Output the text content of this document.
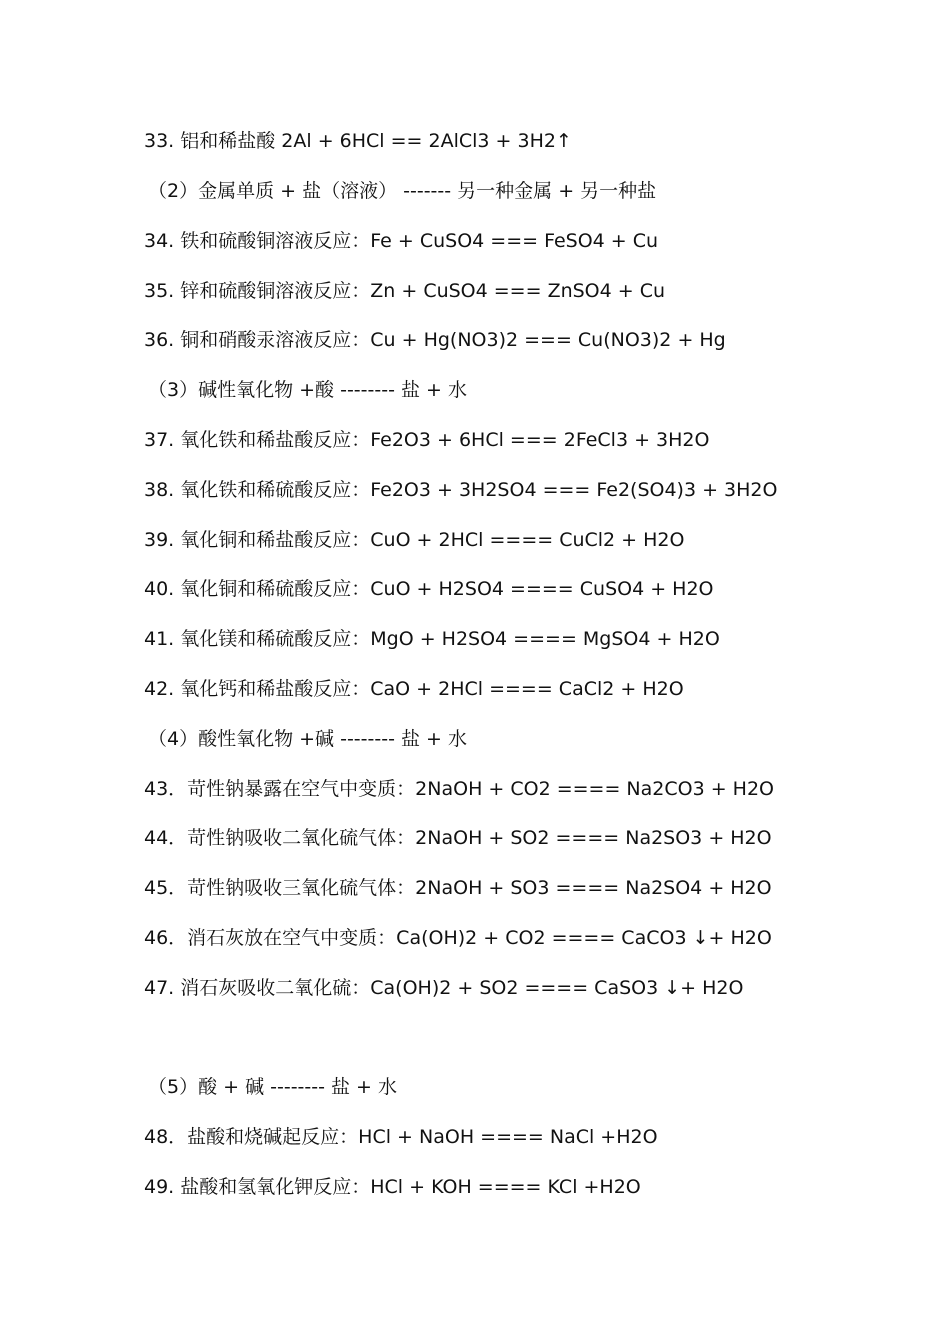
33. 铝和稀盐酸 2Al + 6HCl == 2AlCl3 + 3H2↑
（2）金属单质 + 盐（溶液） ------- 另一种金属 + 另一种盐
34. 铁和硫酸铜溶液反应：Fe + CuSO4 === FeSO4 + Cu
35. 锌和硫酸铜溶液反应：Zn + CuSO4 === ZnSO4 + Cu
36. 铜和硝酸汞溶液反应：Cu + Hg(NO3)2 === Cu(NO3)2 + Hg
（3）碱性氧化物 +酸 -------- 盐 + 水
37. 氧化铁和稀盐酸反应：Fe2O3 + 6HCl === 2FeCl3 + 3H2O
38. 氧化铁和稀硫酸反应：Fe2O3 + 3H2SO4 === Fe2(SO4)3 + 3H2O
39. 氧化铜和稀盐酸反应：CuO + 2HCl ==== CuCl2 + H2O
40. 氧化铜和稀硫酸反应：CuO + H2SO4 ==== CuSO4 + H2O
41. 氧化镁和稀硫酸反应：MgO + H2SO4 ==== MgSO4 + H2O
42. 氧化钙和稀盐酸反应：CaO + 2HCl ==== CaCl2 + H2O
（4）酸性氧化物 +碱 -------- 盐 + 水
43．苛性钠暴露在空气中变质：2NaOH + CO2 ==== Na2CO3 + H2O
44．苛性钠吸收二氧化硫气体：2NaOH + SO2 ==== Na2SO3 + H2O
45．苛性钠吸收三氧化硫气体：2NaOH + SO3 ==== Na2SO4 + H2O
46．消石灰放在空气中变质：Ca(OH)2 + CO2 ==== CaCO3 ↓+ H2O
47. 消石灰吸收二氧化硫：Ca(OH)2 + SO2 ==== CaSO3 ↓+ H2O
（5）酸 + 碱 -------- 盐 + 水
48．盐酸和烧碱起反应：HCl + NaOH ==== NaCl +H2O
49. 盐酸和氢氧化钾反应：HCl + KOH ==== KCl +H2O
